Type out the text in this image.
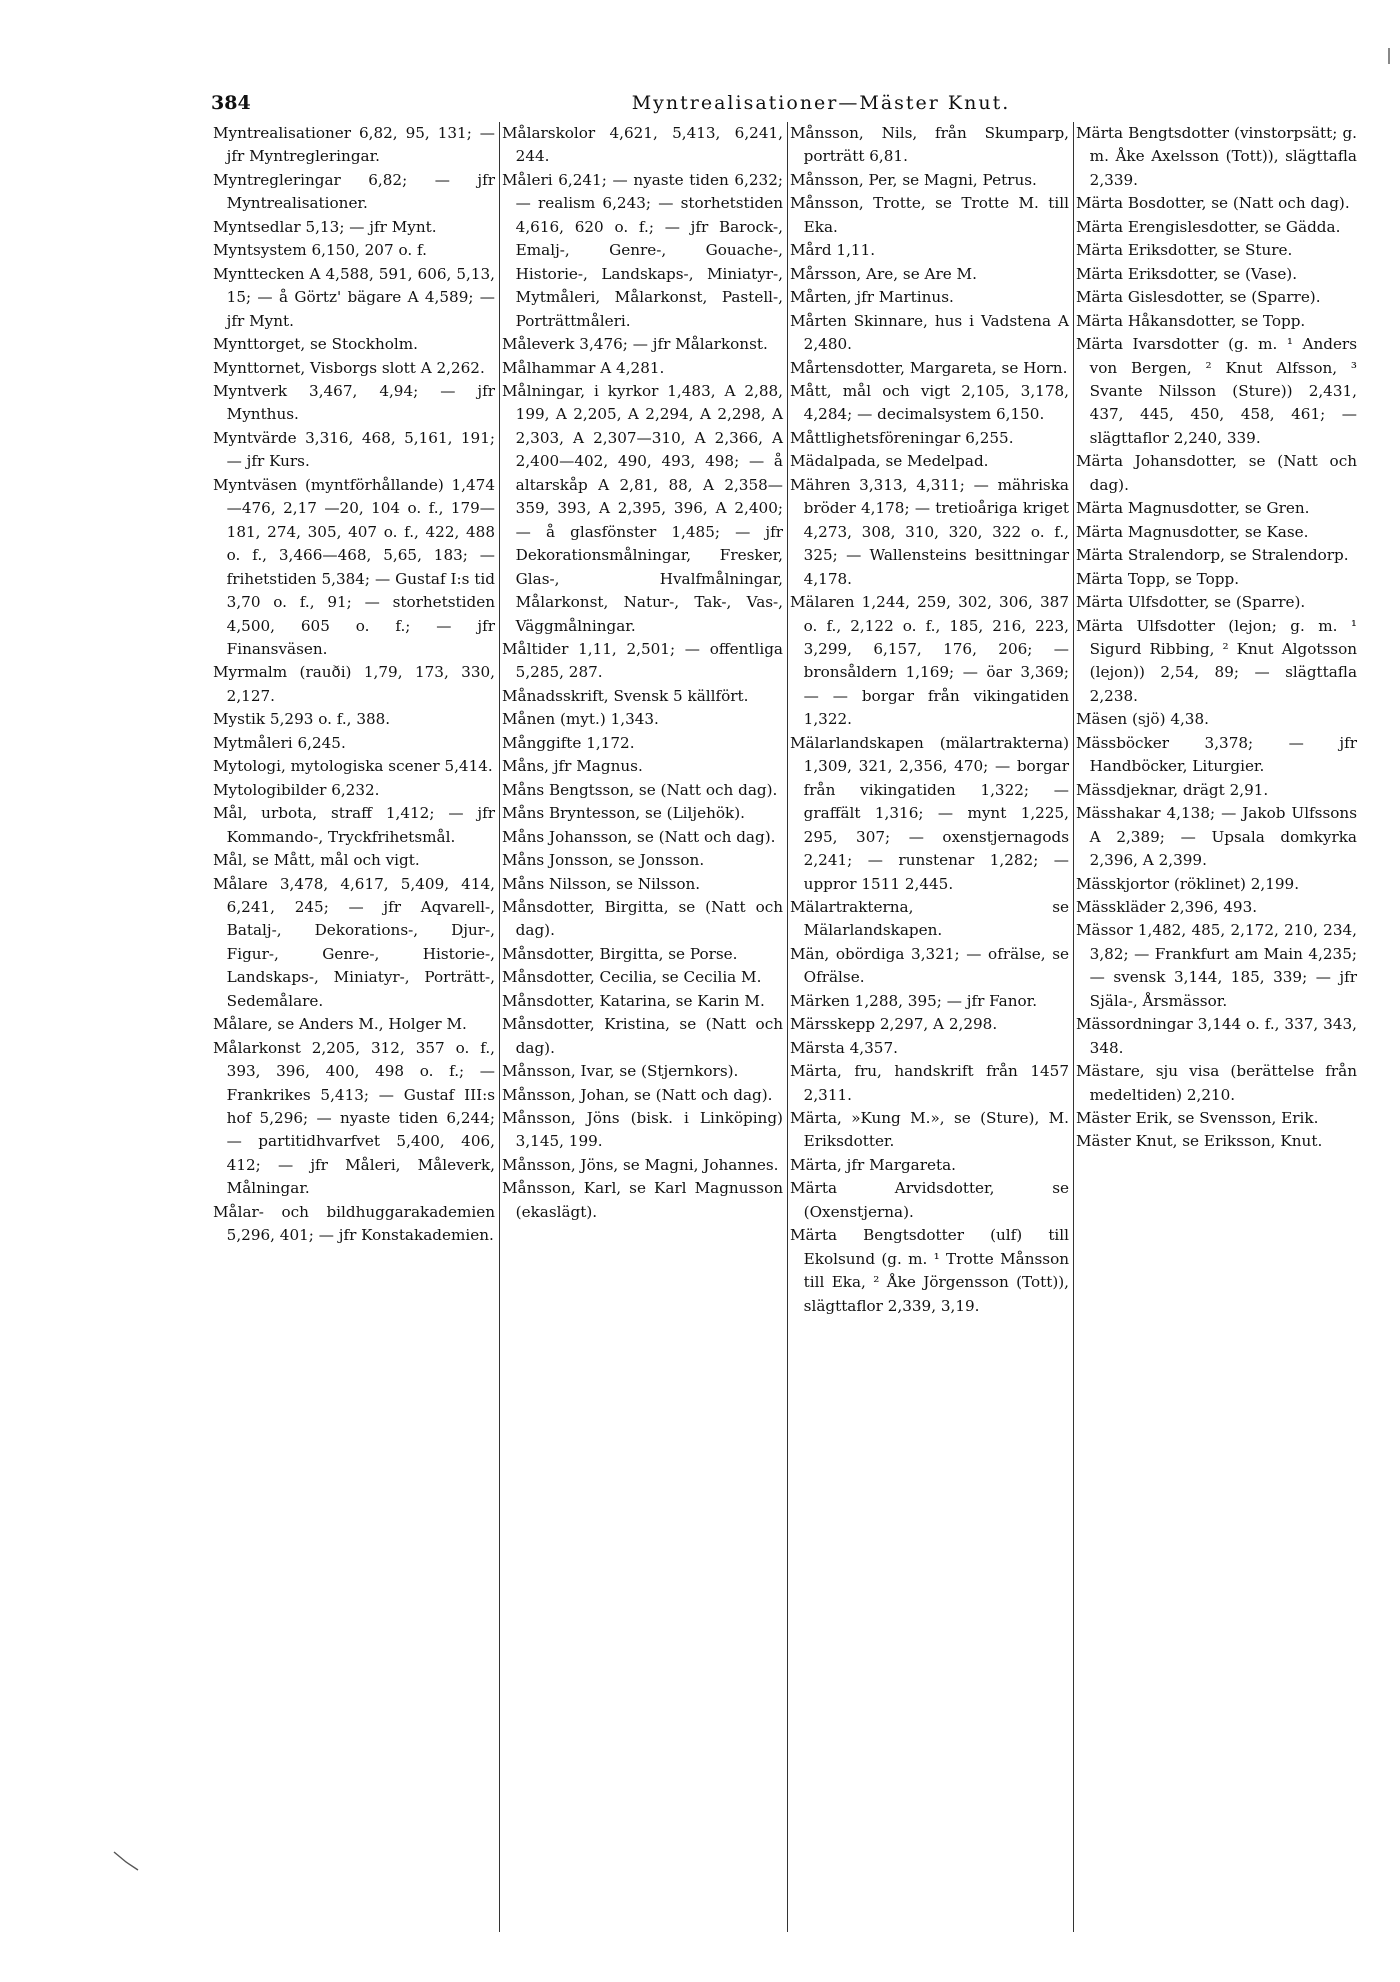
384	Myntrealisationer—Mäster Knut.
Myntrealisationer 6,82, 95, 131; — jfr Myntregleringar.
Myntregleringar 6,82; — jfr Myntrealisationer.
Myntsedlar 5,13; — jfr Mynt.
Myntsystem 6,150, 207 o. f.
Mynttecken A 4,588, 591, 606, 5,13, 15; — å Görtz' bägare A 4,589; — jfr Mynt.
Mynttorget, se Stockholm.
Mynttornet, Visborgs slott A 2,262.
Myntverk 3,467, 4,94; — jfr Mynthus.
Myntvärde 3,316, 468, 5,161, 191; — jfr Kurs.
Myntväsen (myntförhållande) 1,474—476, 2,17 —20, 104 o. f., 179—181, 274, 305, 407 o. f., 422, 488 o. f., 3,466—468, 5,65, 183; — frihetstiden 5,384; — Gustaf I:s tid 3,70 o. f., 91; — storhetstiden 4,500, 605 o. f.; — jfr Finansväsen.
Myrmalm (rauði) 1,79, 173, 330, 2,127.
Mystik 5,293 o. f., 388.
Mytmåleri 6,245.
Mytologi, mytologiska scener 5,414.
Mytologibilder 6,232.
Mål, urbota, straff 1,412; — jfr Kommando-, Tryckfrihetsmål.
Mål, se Mått, mål och vigt.
Målare 3,478, 4,617, 5,409, 414, 6,241, 245; — jfr Aqvarell-, Batalj-, Dekorations-, Djur-, Figur-, Genre-, Historie-, Landskaps-, Miniatyr-, Porträtt-, Sedemålare.
Målare, se Anders M., Holger M.
Målarkonst 2,205, 312, 357 o. f., 393, 396, 400, 498 o. f.; — Frankrikes 5,413; — Gustaf III:s hof 5,296; — nyaste tiden 6,244; — partitidhvarfvet 5,400, 406, 412; — jfr Måleri, Måleverk, Målningar.
Målar- och bildhuggarakademien 5,296, 401; — jfr Konstakademien.
Målarskolor 4,621, 5,413, 6,241, 244.
Måleri 6,241; — nyaste tiden 6,232; — realism 6,243; — storhetstiden 4,616, 620 o. f.; — jfr Barock-, Emalj-, Genre-, Gouache-, Historie-, Landskaps-, Miniatyr-, Mytmåleri, Målarkonst, Pastell-, Porträttmåleri.
Måleverk 3,476; — jfr Målarkonst.
Målhammar A 4,281.
Målningar, i kyrkor 1,483, A 2,88, 199, A 2,205, A 2,294, A 2,298, A 2,303, A 2,307—310, A 2,366, A 2,400—402, 490, 493, 498; — å altarskåp A 2,81, 88, A 2,358—359, 393, A 2,395, 396, A 2,400; — å glasfönster 1,485; — jfr Dekorationsmålningar, Fresker, Glas-, Hvalfmålningar, Målarkonst, Natur-, Tak-, Vas-, Väggmålningar.
Måltider 1,11, 2,501; — offentliga 5,285, 287.
Månadsskrift, Svensk 5 källfört.
Månen (myt.) 1,343.
Månggifte 1,172.
Måns, jfr Magnus.
Måns Bengtsson, se (Natt och dag).
Måns Bryntesson, se (Liljehök).
Måns Johansson, se (Natt och dag).
Måns Jonsson, se Jonsson.
Måns Nilsson, se Nilsson.
Månsdotter, Birgitta, se (Natt och dag).
Månsdotter, Birgitta, se Porse.
Månsdotter, Cecilia, se Cecilia M.
Månsdotter, Katarina, se Karin M.
Månsdotter, Kristina, se (Natt och dag).
Månsson, Ivar, se (Stjernkors).
Månsson, Johan, se (Natt och dag).
Månsson, Jöns (bisk. i Linköping) 3,145, 199.
Månsson, Jöns, se Magni, Johannes.
Månsson, Karl, se Karl Magnusson (ekaslägt).
Månsson, Nils, från Skumparp, porträtt 6,81.
Månsson, Per, se Magni, Petrus.
Månsson, Trotte, se Trotte M. till Eka.
Mård 1,11.
Mårsson, Are, se Are M.
Mårten, jfr Martinus.
Mårten Skinnare, hus i Vadstena A 2,480.
Mårtensdotter, Margareta, se Horn.
Mått, mål och vigt 2,105, 3,178, 4,284; — decimalsystem 6,150.
Måttlighetsföreningar 6,255.
Mädalpada, se Medelpad.
Mähren 3,313, 4,311; — mähriska bröder 4,178; — tretioåriga kriget 4,273, 308, 310, 320, 322 o. f., 325; — Wallensteins besittningar 4,178.
Mälaren 1,244, 259, 302, 306, 387 o. f., 2,122 o. f., 185, 216, 223, 3,299, 6,157, 176, 206; — bronsåldern 1,169; — öar 3,369; — — borgar från vikingatiden 1,322.
Mälarlandskapen (mälartrakterna) 1,309, 321, 2,356, 470; — borgar från vikingatiden 1,322; — graffält 1,316; — mynt 1,225, 295, 307; — oxenstjernagods 2,241; — runstenar 1,282; — uppror 1511 2,445.
Mälartrakterna, se Mälarlandskapen.
Män, obördiga 3,321; — ofrälse, se Ofrälse.
Märken 1,288, 395; — jfr Fanor.
Märsskepp 2,297, A 2,298.
Märsta 4,357.
Märta, fru, handskrift från 1457 2,311.
Märta, »Kung M.», se (Sture), M. Eriksdotter.
Märta, jfr Margareta.
Märta Arvidsdotter, se (Oxenstjerna).
Märta Bengtsdotter (ulf) till Ekolsund (g. m. ¹ Trotte Månsson till Eka, ² Åke Jörgensson (Tott)), slägttaflor 2,339, 3,19.
Märta Bengtsdotter (vinstorpsätt; g. m. Åke Axelsson (Tott)), slägttafla 2,339.
Märta Bosdotter, se (Natt och dag).
Märta Erengislesdotter, se Gädda.
Märta Eriksdotter, se Sture.
Märta Eriksdotter, se (Vase).
Märta Gislesdotter, se (Sparre).
Märta Håkansdotter, se Topp.
Märta Ivarsdotter (g. m. ¹ Anders von Bergen, ² Knut Alfsson, ³ Svante Nilsson (Sture)) 2,431, 437, 445, 450, 458, 461; — slägttaflor 2,240, 339.
Märta Johansdotter, se (Natt och dag).
Märta Magnusdotter, se Gren.
Märta Magnusdotter, se Kase.
Märta Stralendorp, se Stralendorp.
Märta Topp, se Topp.
Märta Ulfsdotter, se (Sparre).
Märta Ulfsdotter (lejon; g. m. ¹ Sigurd Ribbing, ² Knut Algotsson (lejon)) 2,54, 89; — slägttafla 2,238.
Mäsen (sjö) 4,38.
Mässböcker 3,378; — jfr Handböcker, Liturgier.
Mässdjeknar, drägt 2,91.
Mässhakar 4,138; — Jakob Ulfssons A 2,389; — Upsala domkyrka 2,396, A 2,399.
Mässkjortor (röklinet) 2,199.
Mässkläder 2,396, 493.
Mässor 1,482, 485, 2,172, 210, 234, 3,82; — Frankfurt am Main 4,235; — svensk 3,144, 185, 339; — jfr Själa-, Årsmässor.
Mässordningar 3,144 o. f., 337, 343, 348.
Mästare, sju visa (berättelse från medeltiden) 2,210.
Mäster Erik, se Svensson, Erik.
Mäster Knut, se Eriksson, Knut.
